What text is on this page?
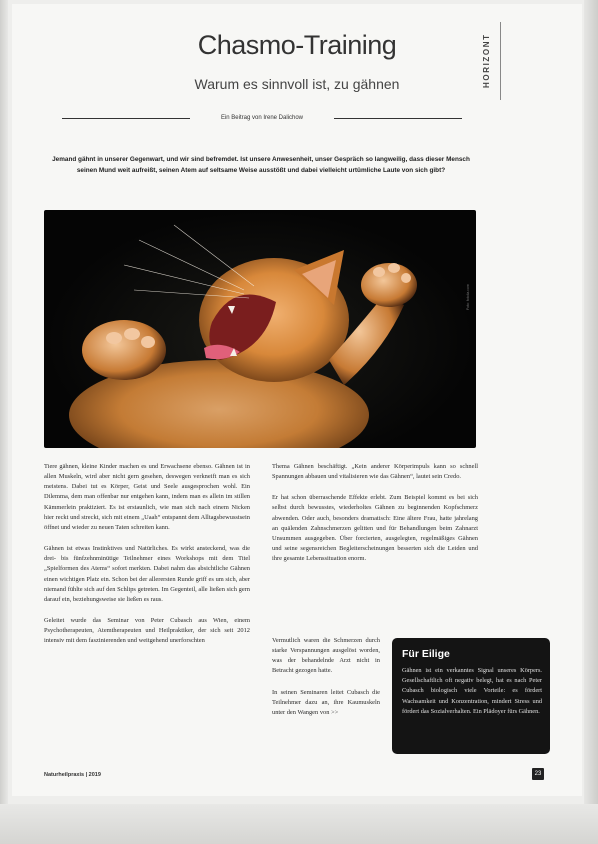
HORIZONT
Chasmo-Training
Warum es sinnvoll ist, zu gähnen
Ein Beitrag von Irene Dalichow
Jemand gähnt in unserer Gegenwart, und wir sind befremdet. Ist unsere Anwesenheit, unser Gespräch so langweilig, dass dieser Mensch seinen Mund weit aufreißt, seinen Atem auf seltsame Weise ausstößt und dabei vielleicht urtümliche Laute von sich gibt?
Foto: fotolia.com

Tiere gähnen, kleine Kinder machen es und Erwachsene ebenso. Gähnen ist in allen Muskeln, wird aber nicht gern gesehen, deswegen verkneift man es sich meistens. Dabei tut es Körper, Geist und Seele ausgesprochen wohl. Ein Dilemma, dem man offenbar nur entgehen kann, indem man es allein im stillen Kämmerlein praktiziert. Es ist erstaunlich, wie man sich nach einem Nicken hier reckt und streckt, sich mit einem „Uaah“ entspannt dem Alltagsbewusstsein öffnet und wieder zu neuen Taten schreiten kann.

Gähnen ist etwas Instinktives und Natürliches. Es wirkt ansteckend, was die drei- bis fünfzehnminütige Teilnehmer eines Workshops mit dem Titel „Spielformen des Atems“ sofort merkten. Dabei nahm das absichtliche Gähnen einen wichtigen Platz ein. Schon bei der allerersten Runde griff es um sich, aber niemand fühlte sich auf den Schlips getreten. Im Gegenteil, alle ließen sich gern darauf ein, beziehungsweise sie ließen es raus.

Geleitet wurde das Seminar von Peter Cubasch aus Wien, einem Psychotherapeuten, Atemtherapeuten und Heilpraktiker, der sich seit 2012 intensiv mit dem faszinierenden und weitgehend unerforschten

Thema Gähnen beschäftigt. „Kein anderer Körperimpuls kann so schnell Spannungen abbauen und vitalisieren wie das Gähnen“, lautet sein Credo.

Er hat schon überraschende Effekte erlebt. Zum Beispiel kommt es bei sich selbst durch bewusstes, wiederholtes Gähnen zu beginnenden Kopfschmerz abwenden. Oder auch, besonders dramatisch: Eine ältere Frau, hatte jahrelang an quälenden Zahnschmerzen gelitten und für Behandlungen beim Zahnarzt Unsummen ausgegeben. Über forcierten, ausgelegten, regelmäßiges Gähnen und seine segensreichen Begleiterscheinungen besserten sich die Leiden und ihre gesamte Lebenssituation enorm.

Vermutlich waren die Schmerzen durch starke Verspannungen ausgelöst worden, was der behandelnde Arzt nicht in Betracht gezogen hatte.

In seinen Seminaren leitet Cubasch die Teilnehmer dazu an, ihre Kaumuskeln unter den Wangen von >>

Für Eilige
Gähnen ist ein verkanntes Signal unseres Körpers. Gesellschaftlich oft negativ belegt, hat es nach Peter Cubasch biologisch viele Vorteile: es fördert Wachsamkeit und Konzentration, mindert Stress und fördert das Sozialverhalten. Ein Plädoyer fürs Gähnen.
Naturheilpraxis | 2019	23
